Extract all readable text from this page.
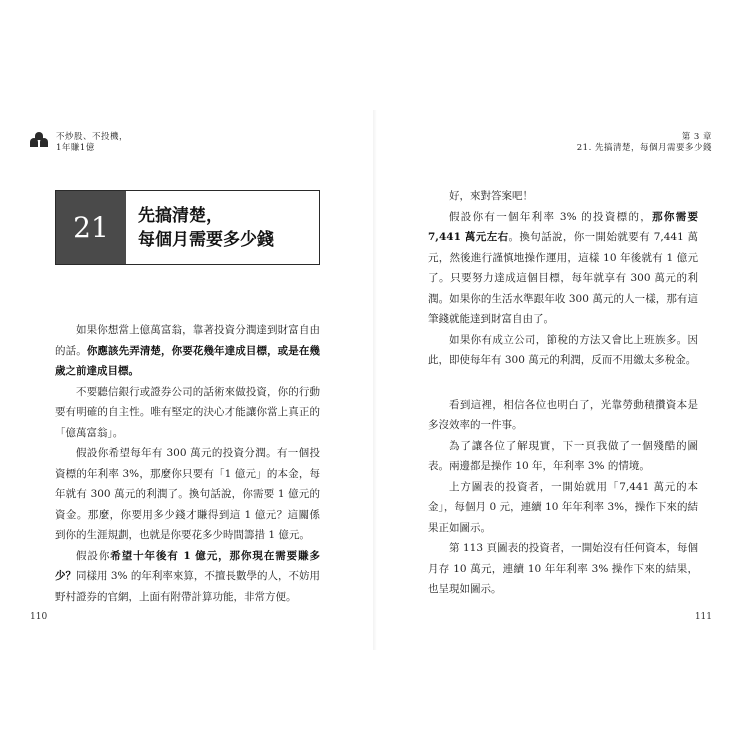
不炒股、不投機，
1年賺1億
第 3 章
21. 先搞清楚，每個月需要多少錢
21	先搞清楚，
每個月需要多少錢

如果你想當上億萬富翁，靠著投資分潤達到財富自由的話。你應該先弄清楚，你要花幾年達成目標，或是在幾歲之前達成目標。

不要聽信銀行或證券公司的話術來做投資，你的行動要有明確的自主性。唯有堅定的決心才能讓你當上真正的「億萬富翁」。

假設你希望每年有 300 萬元的投資分潤。有一個投資標的年利率 3%，那麼你只要有「1 億元」的本金，每年就有 300 萬元的利潤了。換句話說，你需要 1 億元的資金。那麼，你要用多少錢才賺得到這 1 億元？這關係到你的生涯規劃，也就是你要花多少時間籌措 1 億元。

假設你希望十年後有 1 億元，那你現在需要賺多少？同樣用 3% 的年利率來算，不擅長數學的人，不妨用野村證券的官網，上面有附帶計算功能，非常方便。

好，來對答案吧！

假設你有一個年利率 3% 的投資標的，那你需要 7,441 萬元左右。換句話說，你一開始就要有 7,441 萬元，然後進行謹慎地操作運用，這樣 10 年後就有 1 億元了。只要努力達成這個目標，每年就享有 300 萬元的利潤。如果你的生活水準跟年收 300 萬元的人一樣，那有這筆錢就能達到財富自由了。

如果你有成立公司，節稅的方法又會比上班族多。因此，即使每年有 300 萬元的利潤，反而不用繳太多稅金。

看到這裡，相信各位也明白了，光靠勞動積攢資本是多沒效率的一件事。

為了讓各位了解現實，下一頁我做了一個殘酷的圖表。兩邊都是操作 10 年，年利率 3% 的情境。

上方圖表的投資者，一開始就用「7,441 萬元的本金」，每個月 0 元，連續 10 年年利率 3%，操作下來的結果正如圖示。

第 113 頁圖表的投資者，一開始沒有任何資本，每個月存 10 萬元，連續 10 年年利率 3% 操作下來的結果，也呈現如圖示。

110	111
